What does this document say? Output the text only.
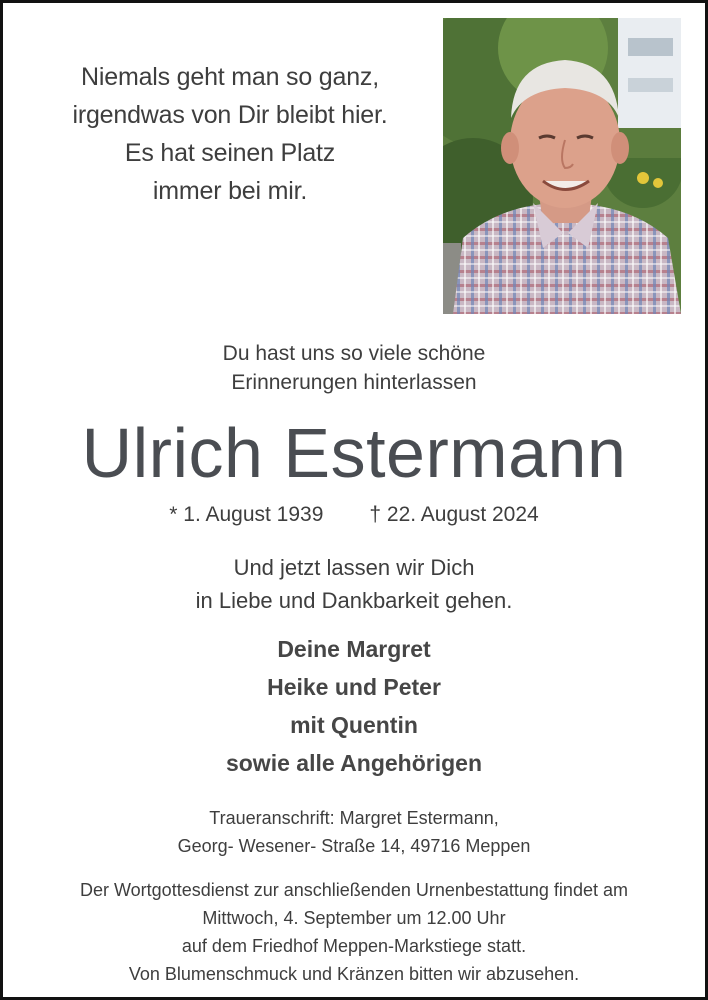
Niemals geht man so ganz,
irgendwas von Dir bleibt hier.
Es hat seinen Platz
immer bei mir.
Du hast uns so viele schöne
Erinnerungen hinterlassen
Ulrich Estermann
* 1. August 1939 † 22. August 2024
Und jetzt lassen wir Dich
in Liebe und Dankbarkeit gehen.
Deine Margret
Heike und Peter
mit Quentin
sowie alle Angehörigen
Traueranschrift: Margret Estermann,
Georg- Wesener- Straße 14, 49716 Meppen
Der Wortgottesdienst zur anschließenden Urnenbestattung findet am
Mittwoch, 4. September um 12.00 Uhr
auf dem Friedhof Meppen-Markstiege statt.
Von Blumenschmuck und Kränzen bitten wir abzusehen.
